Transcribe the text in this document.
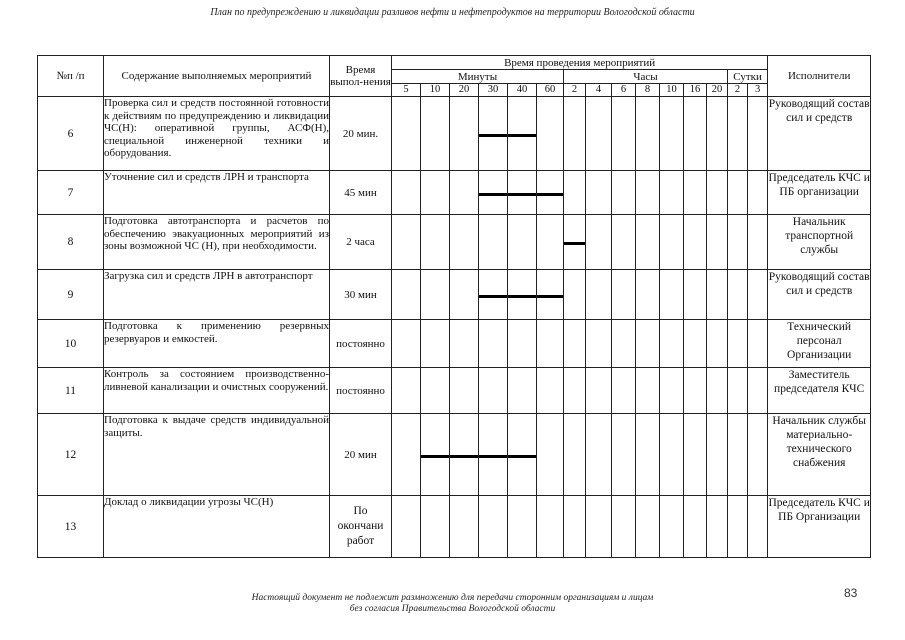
План по предупреждению и ликвидации разливов нефти и нефтепродуктов на территории Вологодской области
№п /п	Содержание выполняемых мероприятий	Время выпол-нения	Время проведения мероприятий															Исполнители
			Минуты						Часы							Сутки		
			5	10	20	30	40	60	2	4	6	8	10	16	20	2	3	
6	Проверка сил и средств постоянной готовности к действиям по предупреждению и ликвидации ЧС(Н): оперативной группы, АСФ(Н), специальной инженерной техники и оборудования.	20 мин.																Руководящий состав сил и средств
7	Уточнение сил и средств ЛРН и транспорта	45 мин																Председатель КЧС и ПБ организации
8	Подготовка автотранспорта и расчетов по обеспечению эвакуационных мероприятий из зоны возможной ЧС (Н), при необходимости.	2 часа																Начальник транспортной службы
9	Загрузка сил и средств ЛРН в автотранспорт	30 мин																Руководящий состав сил и средств
10	Подготовка к применению резервных резервуаров и емкостей.	постоянно																Технический персонал Организации
11	Контроль за состоянием производственно-ливневой канализации и очистных сооружений.	постоянно																Заместитель председателя КЧС
12	Подготовка к выдаче средств индивидуальной защиты.	20 мин																Начальник службы материально-технического снабжения
13	Доклад о ликвидации угрозы ЧС(Н)	По окончани работ																Председатель КЧС и ПБ Организации
83
Настоящий документ не подлежит размножению для передачи сторонним организациям и лицам
без согласия Правительства Вологодской области
